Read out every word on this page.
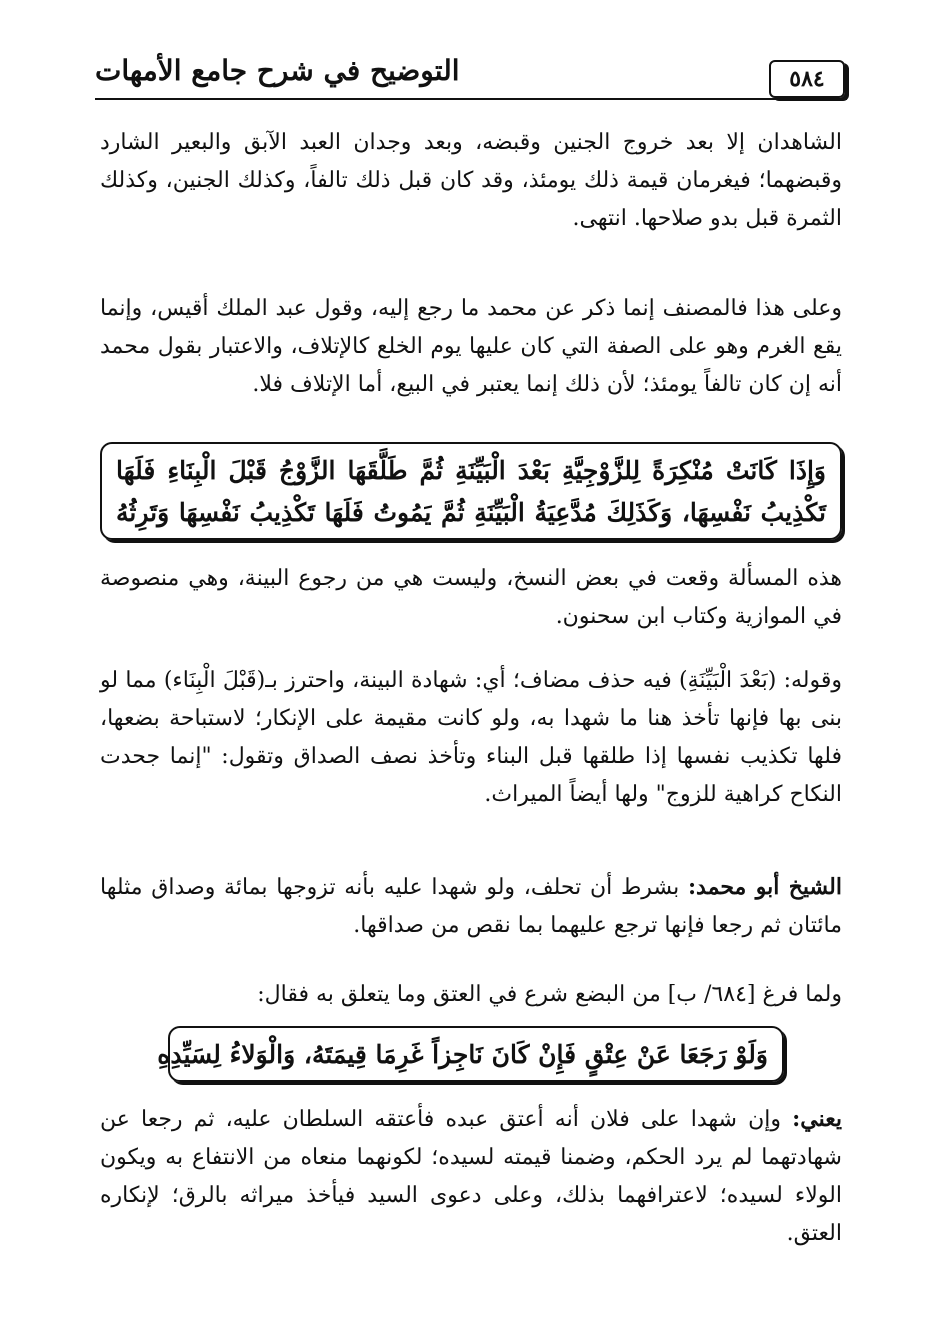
التوضيح في شرح جامع الأمهات	٥٨٤
الشاهدان إلا بعد خروج الجنين وقبضه، وبعد وجدان العبد الآبق والبعير الشارد وقبضهما؛ فيغرمان قيمة ذلك يومئذ، وقد كان قبل ذلك تالفاً، وكذلك الجنين، وكذلك الثمرة قبل بدو صلاحها. انتهى.
وعلى هذا فالمصنف إنما ذكر عن محمد ما رجع إليه، وقول عبد الملك أقيس، وإنما يقع الغرم وهو على الصفة التي كان عليها يوم الخلع كالإتلاف، والاعتبار بقول محمد أنه إن كان تالفاً يومئذ؛ لأن ذلك إنما يعتبر في البيع، أما الإتلاف فلا.
وَإِذَا كَانَتْ مُنْكِرَةً لِلزَّوْجِيَّةِ بَعْدَ الْبَيِّنَةِ ثُمَّ طَلَّقَهَا الزَّوْجُ قَبْلَ الْبِنَاءِ فَلَهَا تَكْذِيبُ نَفْسِهَا، وَكَذَلِكَ مُدَّعِيَةُ الْبَيِّنَةِ ثُمَّ يَمُوتُ فَلَهَا تَكْذِيبُ نَفْسِهَا وَتَرِثُهُ
هذه المسألة وقعت في بعض النسخ، وليست هي من رجوع البينة، وهي منصوصة في الموازية وكتاب ابن سحنون.
وقوله: (بَعْدَ الْبَيِّنَةِ) فيه حذف مضاف؛ أي: شهادة البينة، واحترز بـ(قَبْلَ الْبِنَاء) مما لو بنى بها فإنها تأخذ هنا ما شهدا به، ولو كانت مقيمة على الإنكار؛ لاستباحة بضعها، فلها تكذيب نفسها إذا طلقها قبل البناء وتأخذ نصف الصداق وتقول: "إنما جحدت النكاح كراهية للزوج" ولها أيضاً الميراث.
الشيخ أبو محمد: بشرط أن تحلف، ولو شهدا عليه بأنه تزوجها بمائة وصداق مثلها مائتان ثم رجعا فإنها ترجع عليهما بما نقص من صداقها.
ولما فرغ [٦٨٤/ ب] من البضع شرع في العتق وما يتعلق به فقال:
وَلَوْ رَجَعَا عَنْ عِتْقٍ فَإِنْ كَانَ نَاجِزاً غَرِمَا قِيمَتَهُ، وَالْوَلاءُ لِسَيِّدِهِ
يعني: وإن شهدا على فلان أنه أعتق عبده فأعتقه السلطان عليه، ثم رجعا عن شهادتهما لم يرد الحكم، وضمنا قيمته لسيده؛ لكونهما منعاه من الانتفاع به ويكون الولاء لسيده؛ لاعترافهما بذلك، وعلى دعوى السيد فيأخذ ميراثه بالرق؛ لإنكاره العتق.
